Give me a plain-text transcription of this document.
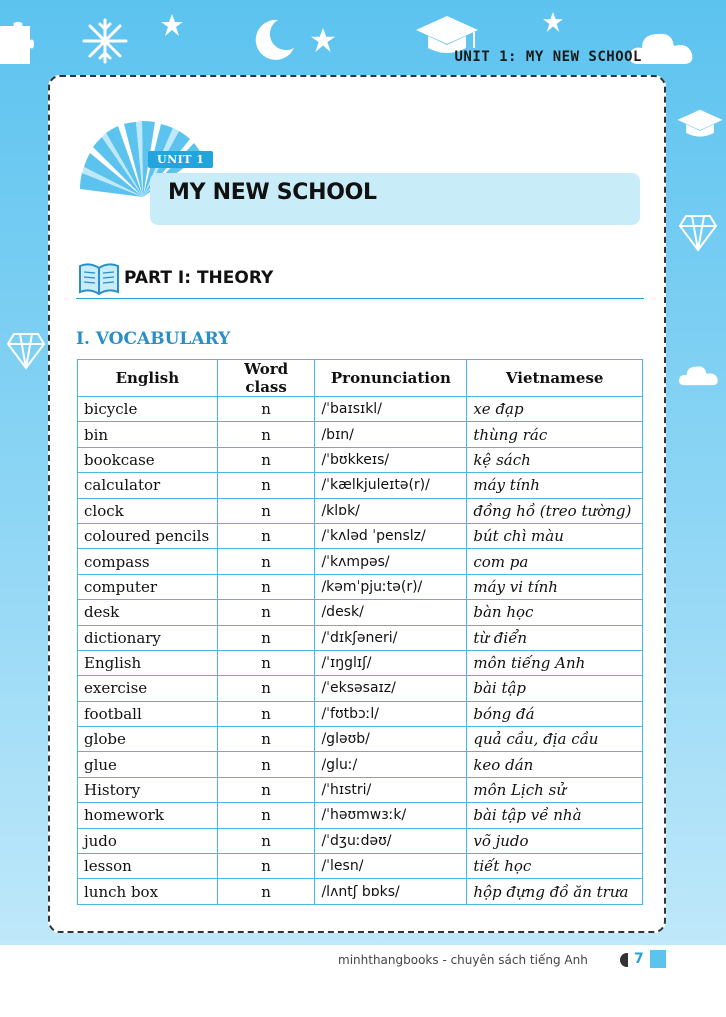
UNIT 1: MY NEW SCHOOL
UNIT 1
MY NEW SCHOOL
PART I: THEORY
I. VOCABULARY
English	Word class	Pronunciation	Vietnamese
bicycle	n	/ˈbaɪsɪkl/	xe đạp
bin	n	/bɪn/	thùng rác
bookcase	n	/ˈbʊkkeɪs/	kệ sách
calculator	n	/ˈkælkjuleɪtə(r)/	máy tính
clock	n	/klɒk/	đồng hồ (treo tường)
coloured pencils	n	/ˈkʌləd ˈpenslz/	bút chì màu
compass	n	/ˈkʌmpəs/	com pa
computer	n	/kəmˈpjuːtə(r)/	máy vi tính
desk	n	/desk/	bàn học
dictionary	n	/ˈdɪkʃəneri/	từ điển
English	n	/ˈɪŋglɪʃ/	môn tiếng Anh
exercise	n	/ˈeksəsaɪz/	bài tập
football	n	/ˈfʊtbɔːl/	bóng đá
globe	n	/gləʊb/	quả cầu, địa cầu
glue	n	/gluː/	keo dán
History	n	/ˈhɪstri/	môn Lịch sử
homework	n	/ˈhəʊmwɜːk/	bài tập về nhà
judo	n	/ˈdʒuːdəʊ/	võ judo
lesson	n	/ˈlesn/	tiết học
lunch box	n	/lʌntʃ bɒks/	hộp đựng đồ ăn trưa
minhthangbooks - chuyên sách tiếng Anh	7
